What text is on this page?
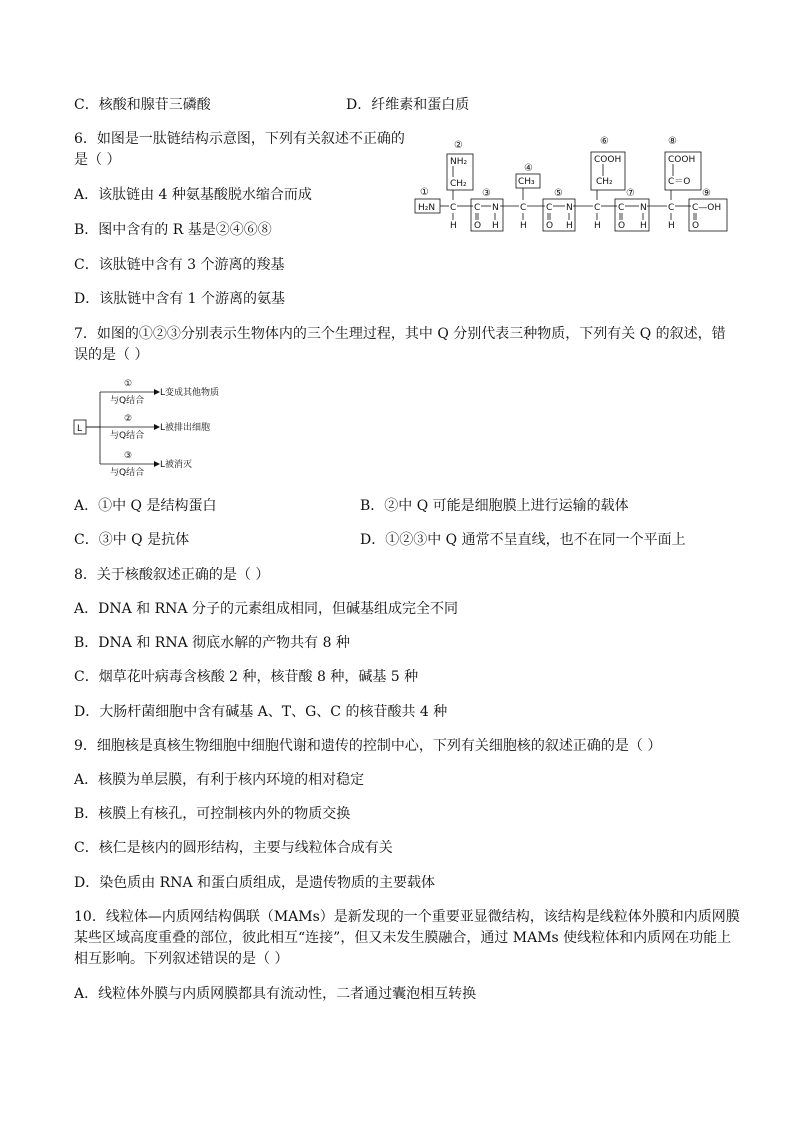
C．核酸和腺苷三磷酸	D．纤维素和蛋白质
6．如图是一肽链结构示意图，下列有关叙述不正确的
是（ ）
A．该肽链由 4 种氨基酸脱水缩合而成
B．图中含有的 R 基是②④⑥⑧
C．该肽链中含有 3 个游离的羧基
D．该肽链中含有 1 个游离的氨基
①
②
③
④
⑤
⑥
⑦
⑧
⑨
H₂N C
H
NH₂
CH₂
C
O
N
H
C
H
CH₃
C
O
N
H
C
H
COOH
CH₂
C
O
N
H
C
H
COOH
C＝O
C—OH
O
7．如图的①②③分别表示生物体内的三个生理过程，其中 Q 分别代表三种物质，下列有关 Q 的叙述，错
误的是（ ）
L
①
与Q结合
L变成其他物质
②
与Q结合
L被排出细胞
③
与Q结合
L被消灭
A．①中 Q 是结构蛋白	B．②中 Q 可能是细胞膜上进行运输的载体
C．③中 Q 是抗体	D．①②③中 Q 通常不呈直线，也不在同一个平面上
8．关于核酸叙述正确的是（ ）
A．DNA 和 RNA 分子的元素组成相同，但碱基组成完全不同
B．DNA 和 RNA 彻底水解的产物共有 8 种
C．烟草花叶病毒含核酸 2 种，核苷酸 8 种，碱基 5 种
D．大肠杆菌细胞中含有碱基 A、T、G、C 的核苷酸共 4 种
9．细胞核是真核生物细胞中细胞代谢和遗传的控制中心，下列有关细胞核的叙述正确的是（ ）
A．核膜为单层膜，有利于核内环境的相对稳定
B．核膜上有核孔，可控制核内外的物质交换
C．核仁是核内的圆形结构，主要与线粒体合成有关
D．染色质由 RNA 和蛋白质组成，是遗传物质的主要载体
10．线粒体—内质网结构偶联（MAMs）是新发现的一个重要亚显微结构，该结构是线粒体外膜和内质网膜
某些区域高度重叠的部位，彼此相互“连接”，但又未发生膜融合，通过 MAMs 使线粒体和内质网在功能上
相互影响。下列叙述错误的是（ ）
A．线粒体外膜与内质网膜都具有流动性，二者通过囊泡相互转换
